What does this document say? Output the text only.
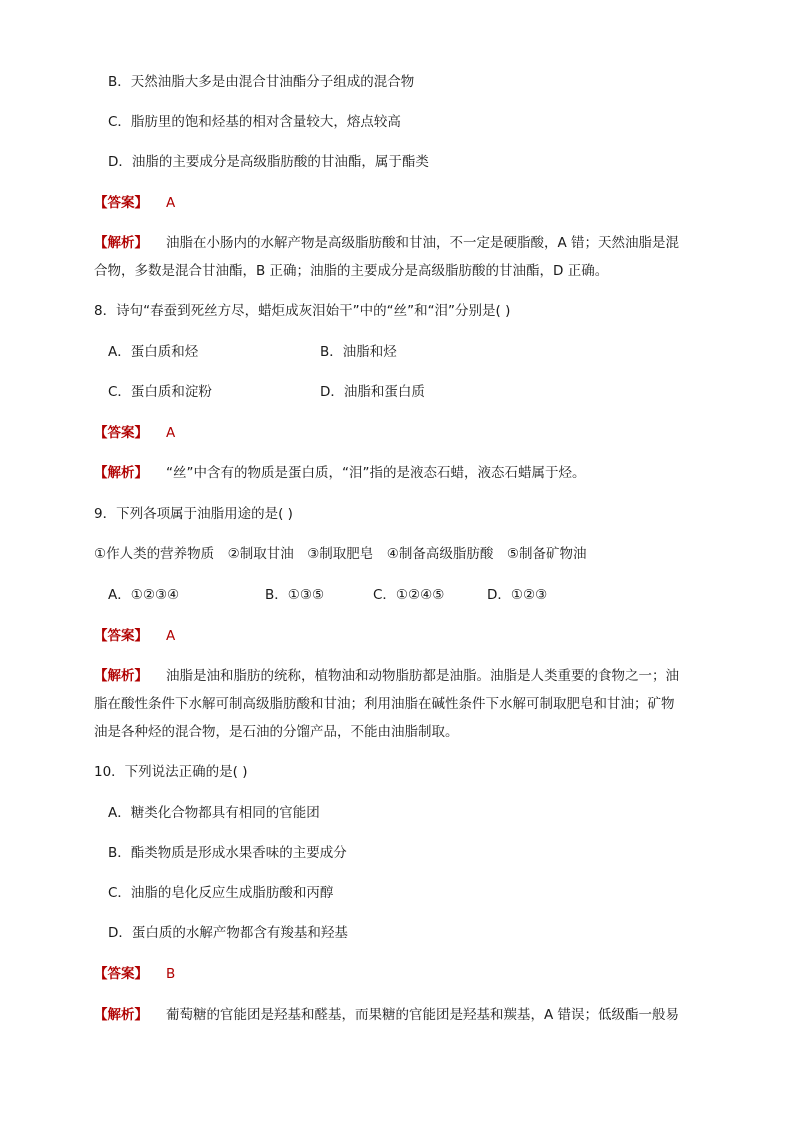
B．天然油脂大多是由混合甘油酯分子组成的混合物
C．脂肪里的饱和烃基的相对含量较大，熔点较高
D．油脂的主要成分是高级脂肪酸的甘油酯，属于酯类
【答案】 A
【解析】 油脂在小肠内的水解产物是高级脂肪酸和甘油，不一定是硬脂酸，A 错；天然油脂是混
合物，多数是混合甘油酯，B 正确；油脂的主要成分是高级脂肪酸的甘油酯，D 正确。
8．诗句“春蚕到死丝方尽，蜡炬成灰泪始干”中的“丝”和“泪”分别是( )
A．蛋白质和烃	B．油脂和烃
C．蛋白质和淀粉	D．油脂和蛋白质
【答案】 A
【解析】 “丝”中含有的物质是蛋白质，“泪”指的是液态石蜡，液态石蜡属于烃。
9．下列各项属于油脂用途的是( )
①作人类的营养物质　②制取甘油　③制取肥皂　④制备高级脂肪酸　⑤制备矿物油
A．①②③④	B．①③⑤	C．①②④⑤	D．①②③
【答案】 A
【解析】 油脂是油和脂肪的统称，植物油和动物脂肪都是油脂。油脂是人类重要的食物之一；油
脂在酸性条件下水解可制高级脂肪酸和甘油；利用油脂在碱性条件下水解可制取肥皂和甘油；矿物
油是各种烃的混合物，是石油的分馏产品，不能由油脂制取。
10．下列说法正确的是( )
A．糖类化合物都具有相同的官能团
B．酯类物质是形成水果香味的主要成分
C．油脂的皂化反应生成脂肪酸和丙醇
D．蛋白质的水解产物都含有羧基和羟基
【答案】 B
【解析】 葡萄糖的官能团是羟基和醛基，而果糖的官能团是羟基和羰基，A 错误；低级酯一般易
